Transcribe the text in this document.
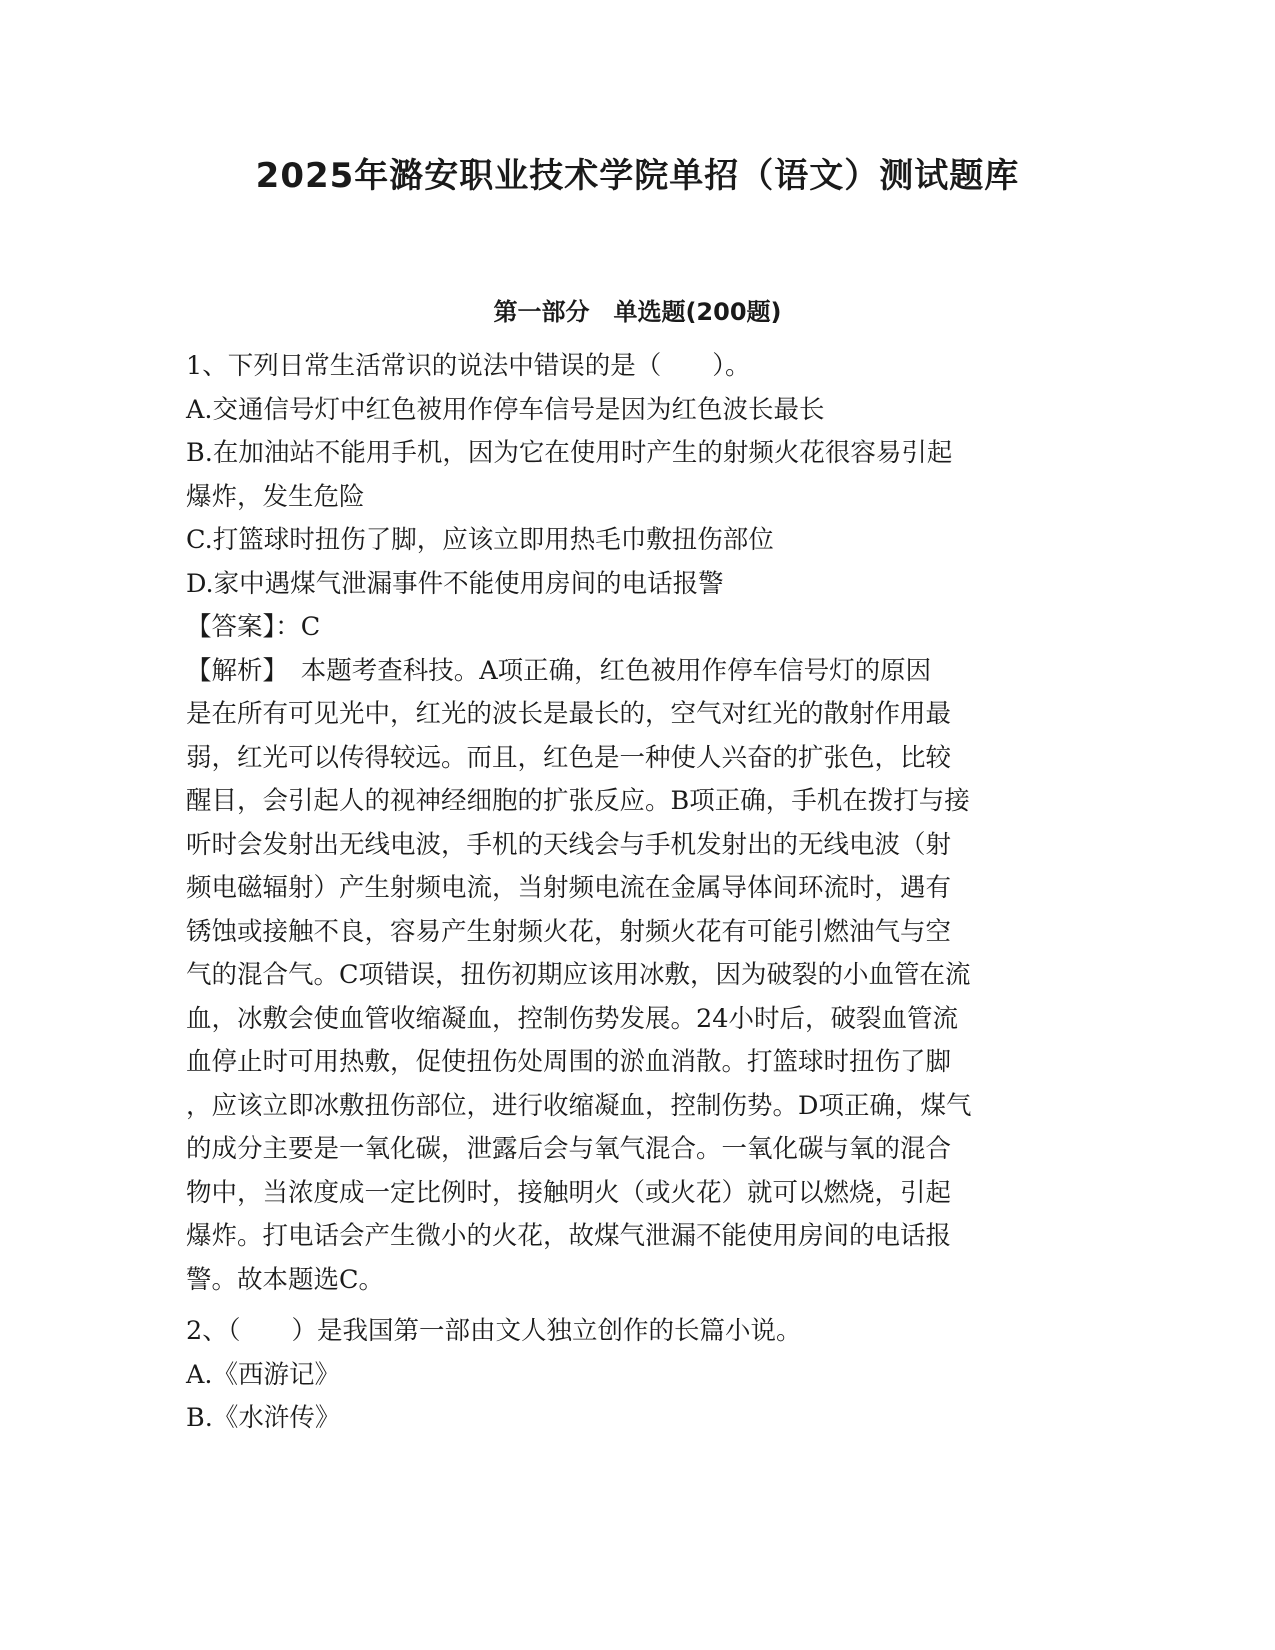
2025年潞安职业技术学院单招（语文）测试题库
第一部分　单选题(200题)
1、下列日常生活常识的说法中错误的是（　　）。
A.交通信号灯中红色被用作停车信号是因为红色波长最长
B.在加油站不能用手机，因为它在使用时产生的射频火花很容易引起
爆炸，发生危险
C.打篮球时扭伤了脚，应该立即用热毛巾敷扭伤部位
D.家中遇煤气泄漏事件不能使用房间的电话报警
【答案】：C
【解析】　本题考查科技。A项正确，红色被用作停车信号灯的原因
是在所有可见光中，红光的波长是最长的，空气对红光的散射作用最
弱，红光可以传得较远。而且，红色是一种使人兴奋的扩张色，比较
醒目，会引起人的视神经细胞的扩张反应。B项正确，手机在拨打与接
听时会发射出无线电波，手机的天线会与手机发射出的无线电波（射
频电磁辐射）产生射频电流，当射频电流在金属导体间环流时，遇有
锈蚀或接触不良，容易产生射频火花，射频火花有可能引燃油气与空
气的混合气。C项错误，扭伤初期应该用冰敷，因为破裂的小血管在流
血，冰敷会使血管收缩凝血，控制伤势发展。24小时后，破裂血管流
血停止时可用热敷，促使扭伤处周围的淤血消散。打篮球时扭伤了脚
，应该立即冰敷扭伤部位，进行收缩凝血，控制伤势。D项正确，煤气
的成分主要是一氧化碳，泄露后会与氧气混合。一氧化碳与氧的混合
物中，当浓度成一定比例时，接触明火（或火花）就可以燃烧，引起
爆炸。打电话会产生微小的火花，故煤气泄漏不能使用房间的电话报
警。故本题选C。
2、（　　）是我国第一部由文人独立创作的长篇小说。
A.《西游记》
B.《水浒传》
